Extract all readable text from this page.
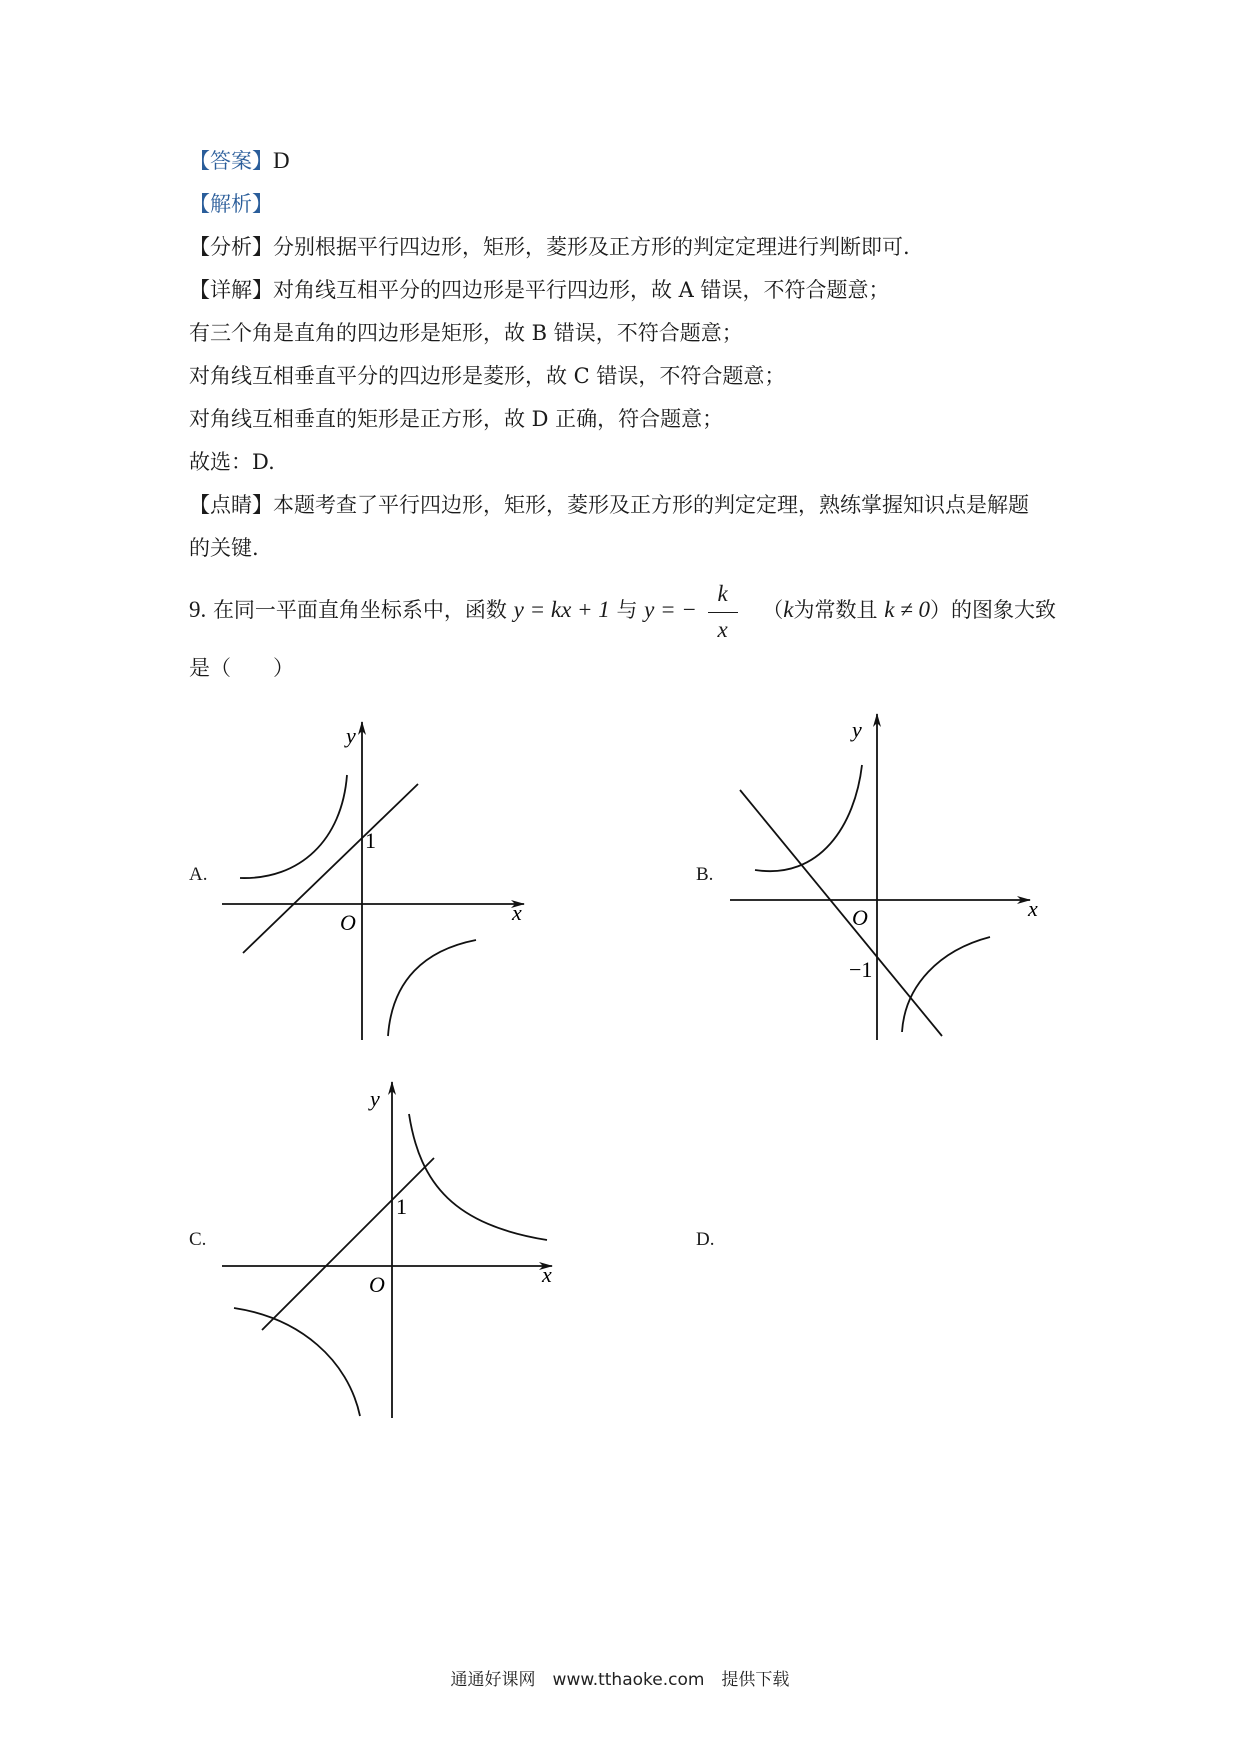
【答案】D
【解析】
【分析】分别根据平行四边形，矩形，菱形及正方形的判定定理进行判断即可.
【详解】对角线互相平分的四边形是平行四边形，故 A 错误，不符合题意；
有三个角是直角的四边形是矩形，故 B 错误，不符合题意；
对角线互相垂直平分的四边形是菱形，故 C 错误，不符合题意；
对角线互相垂直的矩形是正方形，故 D 正确，符合题意；
故选：D.
【点睛】本题考查了平行四边形，矩形，菱形及正方形的判定定理，熟练掌握知识点是解题
的关键.
9. 在同一平面直角坐标系中，函数 y = kx + 1 与 y = − $\frac{k}{x} (k$为常数且 k ≠ 0）的图象大致
是（　　）
A.
y
x
O
1
B.
y
x
O
−1
C.
y
x
O
1
D.
通通好课网　www.tthaoke.com　提供下载
